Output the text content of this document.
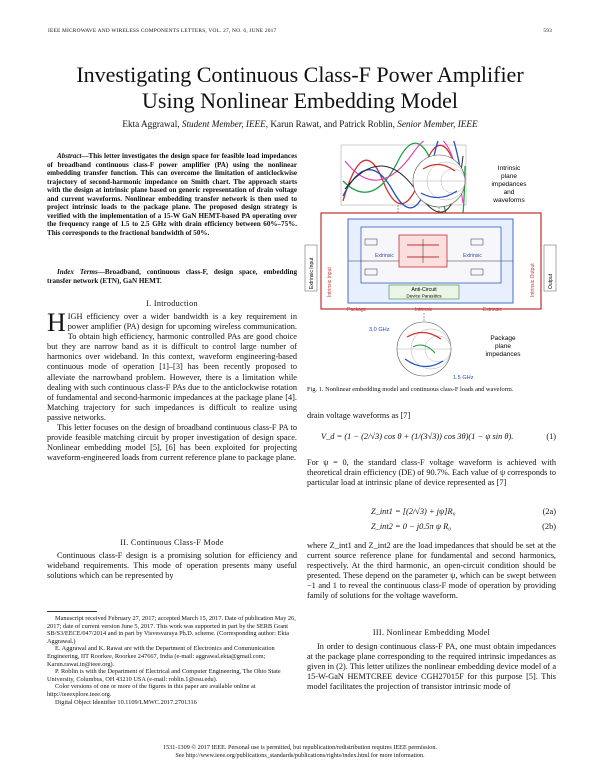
IEEE MICROWAVE AND WIRELESS COMPONENTS LETTERS, VOL. 27, NO. 6, JUNE 2017	593
Investigating Continuous Class-F Power Amplifier
Using Nonlinear Embedding Model
Ekta Aggrawal, Student Member, IEEE, Karun Rawat, and Patrick Roblin, Senior Member, IEEE
Abstract—This letter investigates the design space for feasible load impedances of broadband continuous class-F power amplifier (PA) using the nonlinear embedding transfer function. This can overcome the limitation of anticlockwise trajectory of second-harmonic impedance on Smith chart. The approach starts with the design at intrinsic plane based on generic representation of drain voltage and current waveforms. Nonlinear embedding transfer network is then used to project intrinsic loads to the package plane. The proposed design strategy is verified with the implementation of a 15-W GaN HEMT-based PA operating over the frequency range of 1.5 to 2.5 GHz with drain efficiency between 60%–75%. This corresponds to the fractional bandwidth of 50%.
Index Terms—Broadband, continuous class-F, design space, embedding transfer network (ETN), GaN HEMT.
I. Introduction

HIGH efficiency over a wider bandwidth is a key requirement in power amplifier (PA) design for upcoming wireless communication. To obtain high efficiency, harmonic controlled PAs are good choice but they are narrow band as it is difficult to control large number of harmonics over wideband. In this context, waveform engineering-based continuous mode of operation [1]–[3] has been recently proposed to alleviate the narrowband problem. However, there is a limitation while dealing with such continuous class-F PAs due to the anticlockwise rotation of fundamental and second-harmonic impedances at the package plane [4]. Matching trajectory for such impedances is difficult to realize using passive networks.

This letter focuses on the design of broadband continuous class-F PA to provide feasible matching circuit by proper investigation of design space. Nonlinear embedding model [5], [6] has been exploited for projecting waveform-engineered loads from current reference plane to package plane.

II. Continuous Class-F Mode

Continuous class-F design is a promising solution for efficiency and wideband requirements. This mode of operation presents many useful solutions which can be represented by

Manuscript received February 27, 2017; accepted March 15, 2017. Date of publication May 26, 2017; date of current version June 5, 2017. This work was supported in part by the SERB Grant SB/S3/EECE/047/2014 and in part by Visvesvaraya Ph.D. scheme. (Corresponding author: Ekta Aggrawal.)

E. Aggrawal and K. Rawat are with the Department of Electronics and Communication Engineering, IIT Roorkee, Roorkee 247667, India (e-mail: aggrawal.ekta@gmail.com; Karun.rawat.in@ieee.org).

P. Roblin is with the Department of Electrical and Computer Engineering, The Ohio State University, Columbus, OH 43210 USA (e-mail: roblin.1@osu.edu).

Color versions of one or more of the figures in this paper are available online at http://ieeexplore.ieee.org.

Digital Object Identifier 10.1109/LMWC.2017.2701316

Intrinsic
plane
impedances
and
waveforms
Anti-Circuit
Device Parasitics
Extrinsic	Extrinsic
Package	Intrinsic	Extrinsic
Extrinsic Input Intrinsic Input	Output
Intrinsic Output
3.0 GHz
1.5 GHz
Package
plane
impedances
Fig. 1. Nonlinear embedding model and continuous class-F loads and waveform.
drain voltage waveforms as [7]
V_d = (1 − (2/√3) cos θ + (1/(3√3)) cos 3θ)(1 − ψ sin θ).	(1)
For ψ = 0, the standard class-F voltage waveform is achieved with theoretical drain efficiency (DE) of 90.7%. Each value of ψ corresponds to particular load at intrinsic plane of device represented as [7]
Z_int1 = [(2/√3) + jψ]R₀	(2a)
Z_int2 = 0 − j0.5π ψ R₀	(2b)
where Z_int1 and Z_int2 are the load impedances that should be set at the current source reference plane for fundamental and second harmonics, respectively. At the third harmonic, an open-circuit condition should be presented. These depend on the parameter ψ, which can be swept between −1 and 1 to reveal the continuous class-F mode of operation by providing family of solutions for the voltage waveform.
III. Nonlinear Embedding Model

In order to design continuous class-F PA, one must obtain impedances at the package plane corresponding to the required intrinsic impedances as given in (2). This letter utilizes the nonlinear embedding device model of a 15-W-GaN HEMTCREE device CGH27015F for this purpose [5]. This model facilitates the projection of transistor intrinsic mode of

1531-1309 © 2017 IEEE. Personal use is permitted, but republication/redistribution requires IEEE permission.
See http://www.ieee.org/publications_standards/publications/rights/index.html for more information.
